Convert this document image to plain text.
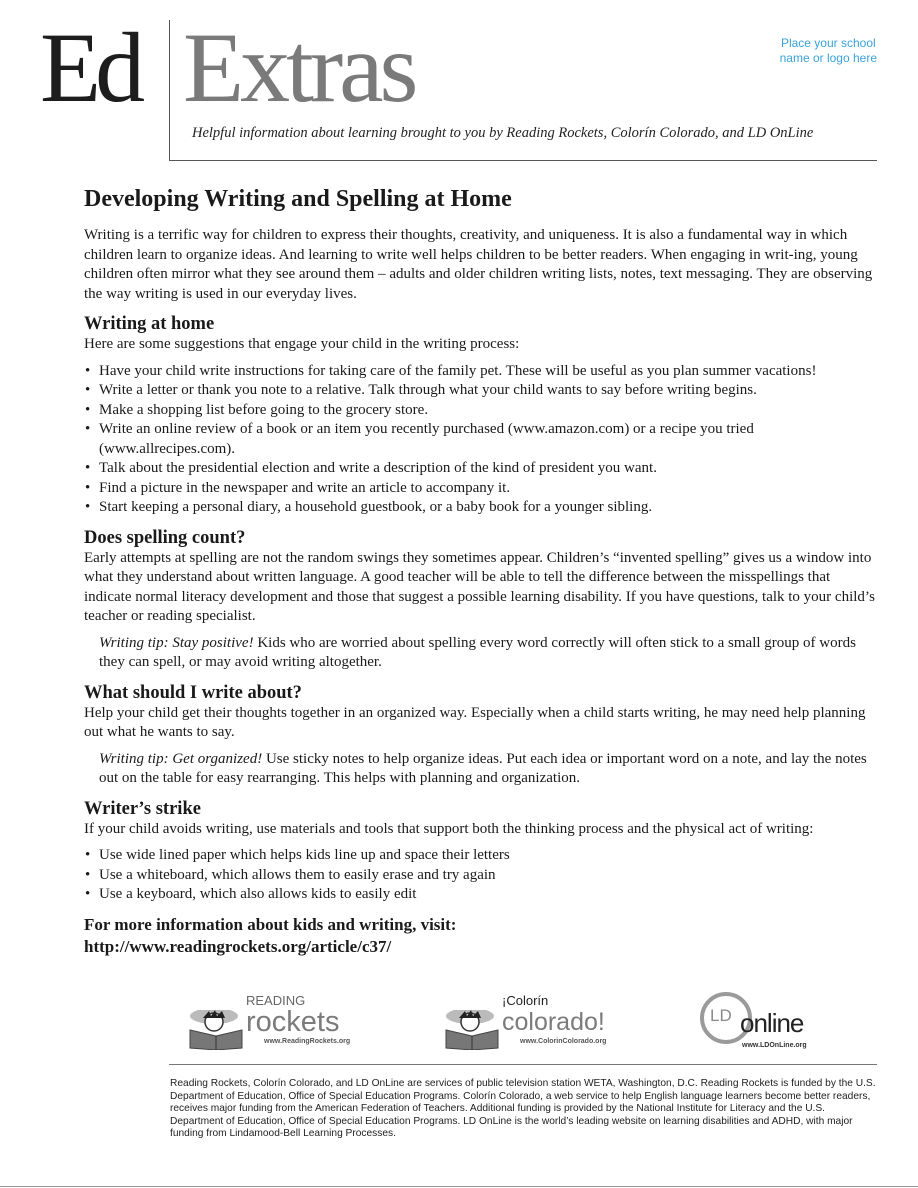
Ed Extras
Helpful information about learning brought to you by Reading Rockets, Colorín Colorado, and LD OnLine
Place your school
name or logo here
Developing Writing and Spelling at Home

Writing is a terrific way for children to express their thoughts, creativity, and uniqueness. It is also a fundamental way in which children learn to organize ideas. And learning to write well helps children to be better readers. When engaging in writ-ing, young children often mirror what they see around them – adults and older children writing lists, notes, text messaging. They are observing the way writing is used in our everyday lives.

Writing at home

Here are some suggestions that engage your child in the writing process:

• Have your child write instructions for taking care of the family pet. These will be useful as you plan summer vacations!
• Write a letter or thank you note to a relative. Talk through what your child wants to say before writing begins.
• Make a shopping list before going to the grocery store.
• Write an online review of a book or an item you recently purchased (www.amazon.com) or a recipe you tried (www.allrecipes.com).
• Talk about the presidential election and write a description of the kind of president you want.
• Find a picture in the newspaper and write an article to accompany it.
• Start keeping a personal diary, a household guestbook, or a baby book for a younger sibling.
Does spelling count?

Early attempts at spelling are not the random swings they sometimes appear. Children’s “invented spelling” gives us a window into what they understand about written language. A good teacher will be able to tell the difference between the misspellings that indicate normal literacy development and those that suggest a possible learning disability. If you have questions, talk to your child’s teacher or reading specialist.

Writing tip: Stay positive! Kids who are worried about spelling every word correctly will often stick to a small group of words they can spell, or may avoid writing altogether.

What should I write about?

Help your child get their thoughts together in an organized way. Especially when a child starts writing, he may need help planning out what he wants to say.

Writing tip: Get organized! Use sticky notes to help organize ideas. Put each idea or important word on a note, and lay the notes out on the table for easy rearranging. This helps with planning and organization.

Writer’s strike

If your child avoids writing, use materials and tools that support both the thinking process and the physical act of writing:

• Use wide lined paper which helps kids line up and space their letters
• Use a whiteboard, which allows them to easily erase and try again
• Use a keyboard, which also allows kids to easily edit
For more information about kids and writing, visit:
http://www.readingrockets.org/article/c37/
READING
rockets
www.ReadingRockets.org
¡Colorín
colorado!
www.ColorinColorado.org
LD online
www.LDOnLine.org
Reading Rockets, Colorín Colorado, and LD OnLine are services of public television station WETA, Washington, D.C. Reading Rockets is funded by the U.S. Department of Education, Office of Special Education Programs. Colorín Colorado, a web service to help English language learners become better readers, receives major funding from the American Federation of Teachers. Additional funding is provided by the National Institute for Literacy and the U.S. Department of Education, Office of Special Education Programs. LD OnLine is the world’s leading website on learning disabilities and ADHD, with major funding from Lindamood-Bell Learning Processes.
